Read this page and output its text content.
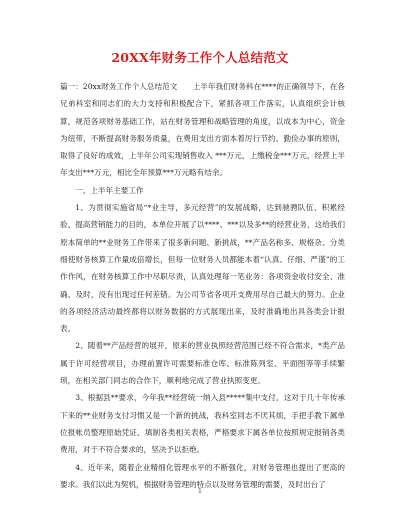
20XX年财务工作个人总结范文

篇一：20xx财务工作个人总结范文　　上半年我们财务科在****的正确领导下，在各兄弟科室和同志们的大力支持和积极配合下，紧抓各项工作落实，认真组织会计核算，规范各项财务基础工作，站在财务管理和战略管理的角度，以成本为中心，资金为纽带，不断提高财务服务质量，在费用支出方面本着厉行节约、勤俭办事的原则，取得了良好的成效，上半年公司实现销售收入 ***万元，上缴税金***万元，经营上半年支出***万元，相比全年预算***万元略有结余。

一、上半年主要工作

1、为贯彻实施省局“*业主导，多元经营”的发展战略，达到驰骋队伍、积累经验、提高营销能力的目的，本单位开展了以****、***以及多**的经营业务，这给我们原本简单的**业财务工作带来了很多新问题、新挑战，**产品名称多、规格杂、分类细使财务核算工作量成倍增长，但每一位财务人员都能本着“认真、仔细、严谨”的工作作风，在财务核算工作中尽职尽责，认真处理每一笔业务：各项资金收付安全、准确、及时，没有出现过任何差错。为公司节省各项开支费用尽自己最大的努力。企业的各项经济活动最终都将以财务数据的方式展现出来，及时准确地出具各类会计报表。

2、随着**产品经营的展开，原来的营业执照经营范围已经不符合需求，*类产品属于许可经营项目，办理前置许可需要标准仓库、标准陈列室、平面图等等手续繁琐，在相关部门同志的合作下，顺利地完成了营业执照变更。

3、根据县**要求，今年我**经营统一纳入县*****集中支付。这对于几十年传承下来的**业财务支付习惯又是一个新的挑战，我科室同志不厌其烦，手把手教下属单位报帐员整理原始凭证、填制各类相关表格，严格要求下属各单位按照规定报销各类费用，对于不符合要求的，坚决予以拒绝。

4、近年来，随着企业精细化管理水平的不断强化，对财务管理也提出了更高的要求。我们以此为契机，根据财务管理的特点以及财务管理的需要，及时出台了

1
